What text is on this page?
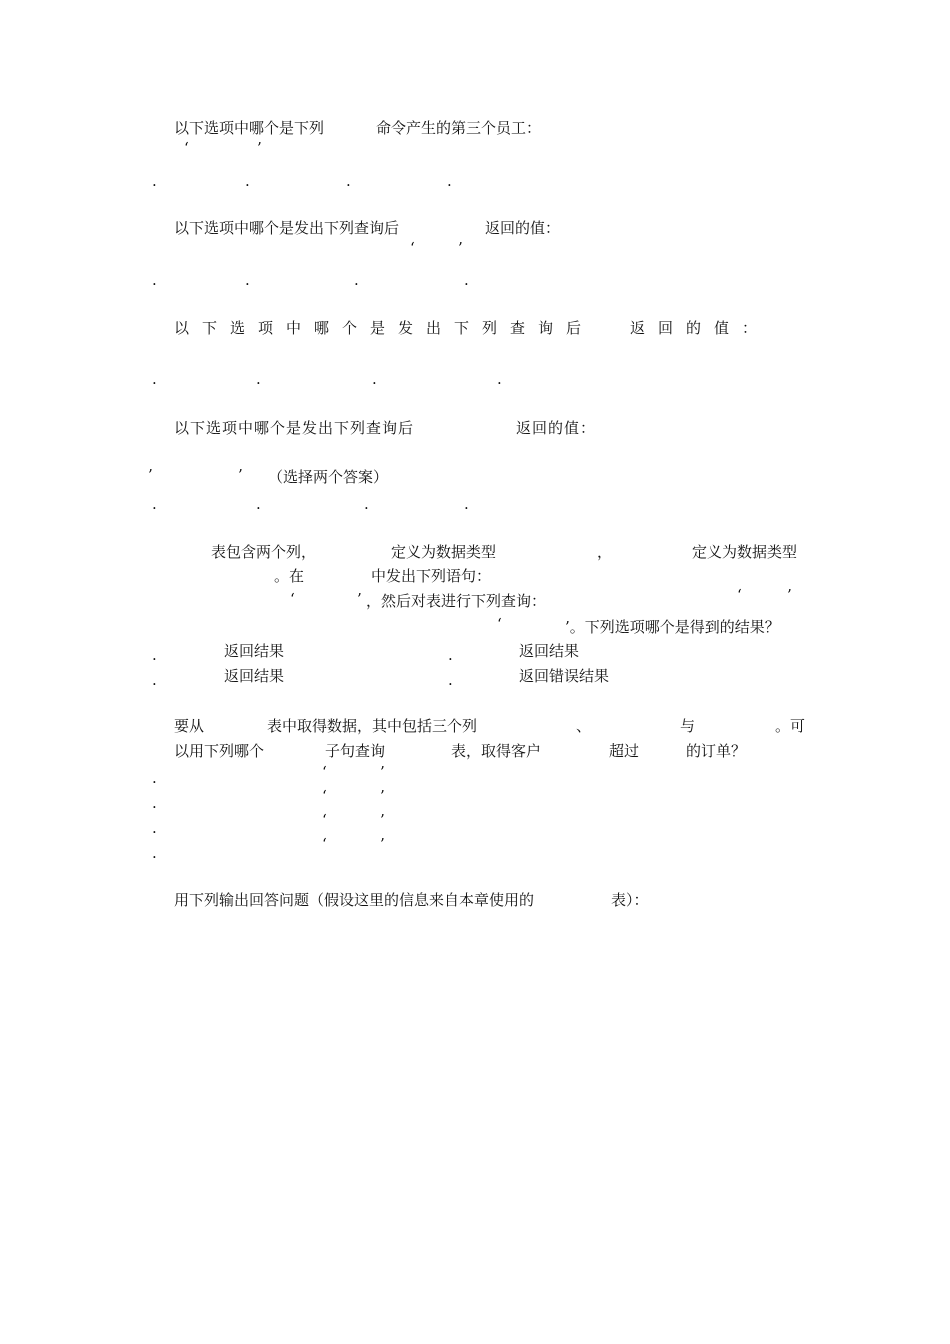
以下选项中哪个是下列	命令产生的第三个员工：
‘	’
.	.	.	.
以下选项中哪个是发出下列查询后	返回的值：
‘	’
.	.	.	.
以下选项中哪个是发出下列查询后 返回的值：
.	.	.	.
以下选项中哪个是发出下列查询后	返回的值：
’	’ （选择两个答案）
.	.	.	.
表包含两个列，	定义为数据类型	，	定义为数据类型
。在	中发出下列语句：
‘	’
‘	’ ，然后对表进行下列查询：
‘	’。下列选项哪个是得到的结果？
.	返回结果	.	返回结果
.	返回结果	.	返回错误结果
要从	表中取得数据，其中包括三个列	、	与	。可
以用下列哪个	子句查询	表，取得客户	超过	的订单？
.	‘	’
.	‘	’
.	‘	’
.	‘	’
用下列输出回答问题（假设这里的信息来自本章使用的	表）：
